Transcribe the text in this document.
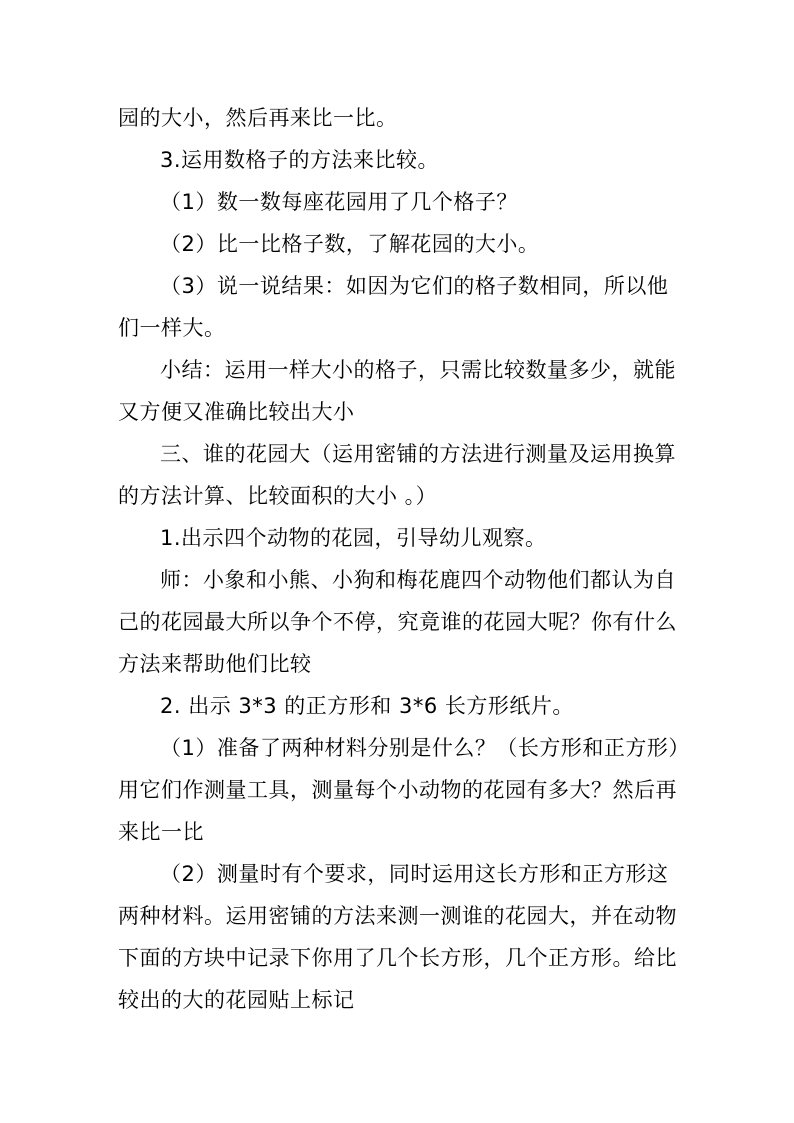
园的大小，然后再来比一比。
3.运用数格子的方法来比较。
（1）数一数每座花园用了几个格子？
（2）比一比格子数，了解花园的大小。
（3）说一说结果：如因为它们的格子数相同，所以他
们一样大。
小结：运用一样大小的格子，只需比较数量多少，就能
又方便又准确比较出大小
三、谁的花园大（运用密铺的方法进行测量及运用换算
的方法计算、比较面积的大小 。）
1.出示四个动物的花园，引导幼儿观察。
师：小象和小熊、小狗和梅花鹿四个动物他们都认为自
己的花园最大所以争个不停，究竟谁的花园大呢？你有什么
方法来帮助他们比较
2. 出示 3*3 的正方形和 3*6 长方形纸片。
（1）准备了两种材料分别是什么？（长方形和正方形）
用它们作测量工具，测量每个小动物的花园有多大？然后再
来比一比
（2）测量时有个要求，同时运用这长方形和正方形这
两种材料。运用密铺的方法来测一测谁的花园大，并在动物
下面的方块中记录下你用了几个长方形，几个正方形。给比
较出的大的花园贴上标记
